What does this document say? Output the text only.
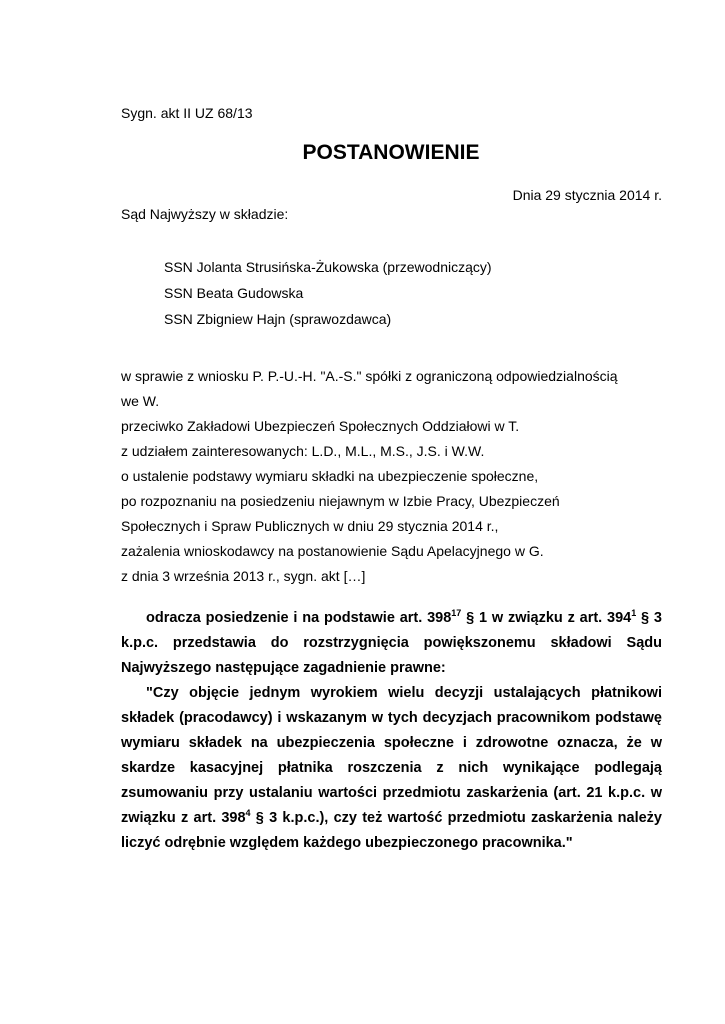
Sygn. akt II UZ 68/13
POSTANOWIENIE
Dnia 29 stycznia 2014 r.
Sąd Najwyższy w składzie:
SSN Jolanta Strusińska-Żukowska (przewodniczący)
SSN Beata Gudowska
SSN Zbigniew Hajn (sprawozdawca)
w sprawie z wniosku P. P.-U.-H. "A.-S." spółki z ograniczoną odpowiedzialnością
we W.
przeciwko Zakładowi Ubezpieczeń Społecznych Oddziałowi w T.
z udziałem zainteresowanych: L.D., M.L., M.S., J.S. i W.W.
o ustalenie podstawy wymiaru składki na ubezpieczenie społeczne,
po rozpoznaniu na posiedzeniu niejawnym w Izbie Pracy, Ubezpieczeń
Społecznych i Spraw Publicznych w dniu 29 stycznia 2014 r.,
zażalenia wnioskodawcy na postanowienie Sądu Apelacyjnego w G.
z dnia 3 września 2013 r., sygn. akt […]
odracza posiedzenie i na podstawie art. $398^{17}$ § 1 w związku z art. $394^1$ § 3
k.p.c. przedstawia do rozstrzygnięcia powiększonemu składowi Sądu
Najwyższego następujące zagadnienie prawne:
"Czy objęcie jednym wyrokiem wielu decyzji ustalających płatnikowi
składek (pracodawcy) i wskazanym w tych decyzjach pracownikom podstawę
wymiaru składek na ubezpieczenia społeczne i zdrowotne oznacza, że w
skardze kasacyjnej płatnika roszczenia z nich wynikające podlegają
zsumowaniu przy ustalaniu wartości przedmiotu zaskarżenia (art. 21 k.p.c. w
związku z art. $398^4$ § 3 k.p.c.), czy też wartość przedmiotu zaskarżenia należy
liczyć odrębnie względem każdego ubezpieczonego pracownika."
